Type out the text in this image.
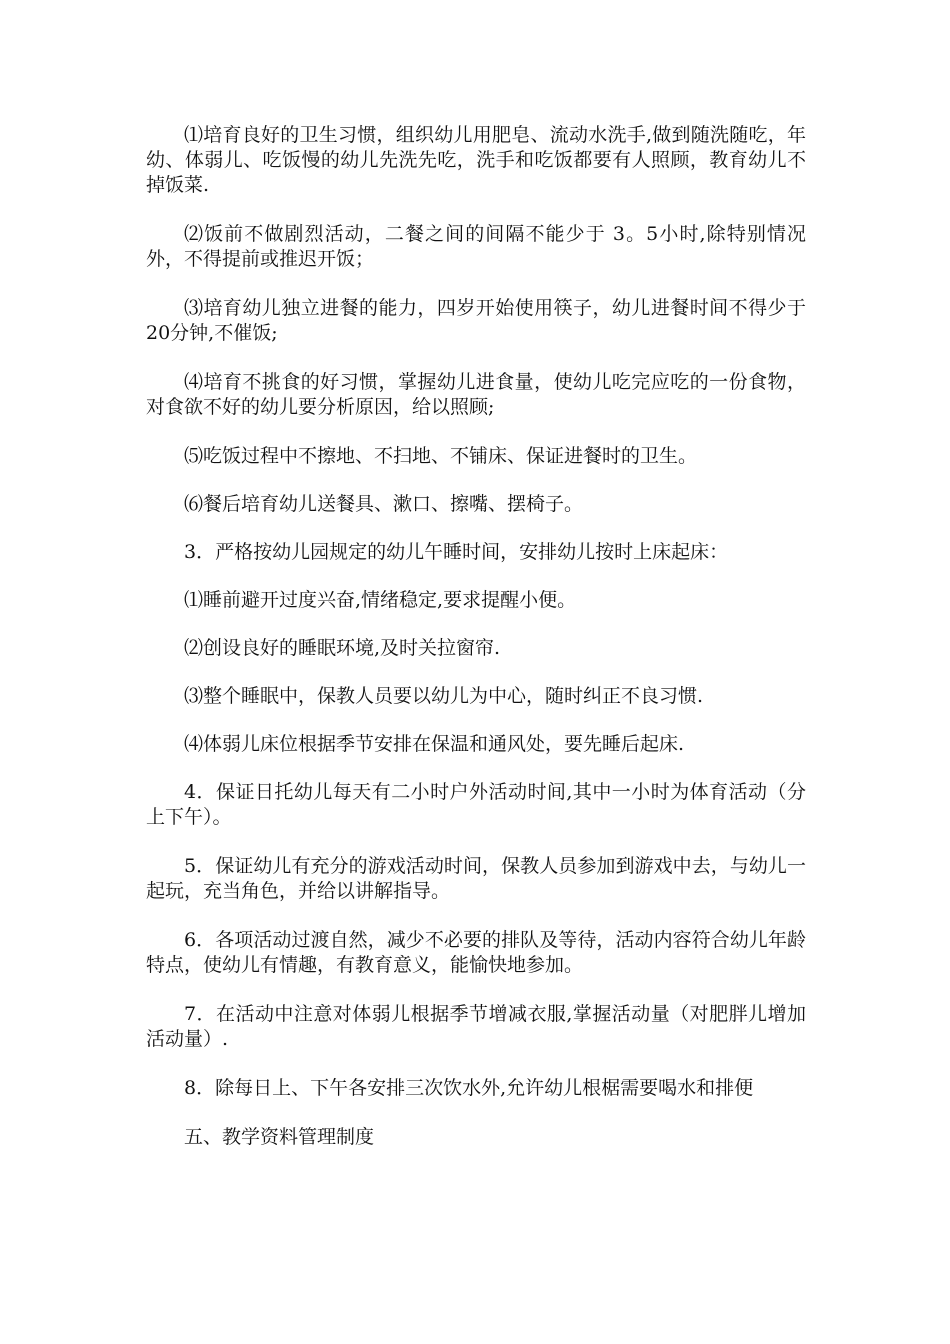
⑴培育良好的卫生习惯，组织幼儿用肥皂、流动水洗手,做到随洗随吃，年幼、体弱儿、吃饭慢的幼儿先洗先吃，洗手和吃饭都要有人照顾，教育幼儿不掉饭菜.

⑵饭前不做剧烈活动，二餐之间的间隔不能少于 3。5小时,除特别情况外，不得提前或推迟开饭；

⑶培育幼儿独立进餐的能力，四岁开始使用筷子，幼儿进餐时间不得少于 20分钟,不催饭;

⑷培育不挑食的好习惯，掌握幼儿进食量，使幼儿吃完应吃的一份食物，对食欲不好的幼儿要分析原因，给以照顾;

⑸吃饭过程中不擦地、不扫地、不铺床、保证进餐时的卫生。

⑹餐后培育幼儿送餐具、漱口、擦嘴、摆椅子。

3．严格按幼儿园规定的幼儿午睡时间，安排幼儿按时上床起床：

⑴睡前避开过度兴奋,情绪稳定,要求提醒小便。

⑵创设良好的睡眠环境,及时关拉窗帘.

⑶整个睡眠中，保教人员要以幼儿为中心，随时纠正不良习惯.

⑷体弱儿床位根据季节安排在保温和通风处，要先睡后起床.

4．保证日托幼儿每天有二小时户外活动时间,其中一小时为体育活动（分上下午）。

5．保证幼儿有充分的游戏活动时间，保教人员参加到游戏中去，与幼儿一起玩，充当角色，并给以讲解指导。

6．各项活动过渡自然，减少不必要的排队及等待，活动内容符合幼儿年龄特点，使幼儿有情趣，有教育意义，能愉快地参加。

7．在活动中注意对体弱儿根据季节增减衣服,掌握活动量（对肥胖儿增加活动量）.

8．除每日上、下午各安排三次饮水外,允许幼儿根椐需要喝水和排便

五、教学资料管理制度
